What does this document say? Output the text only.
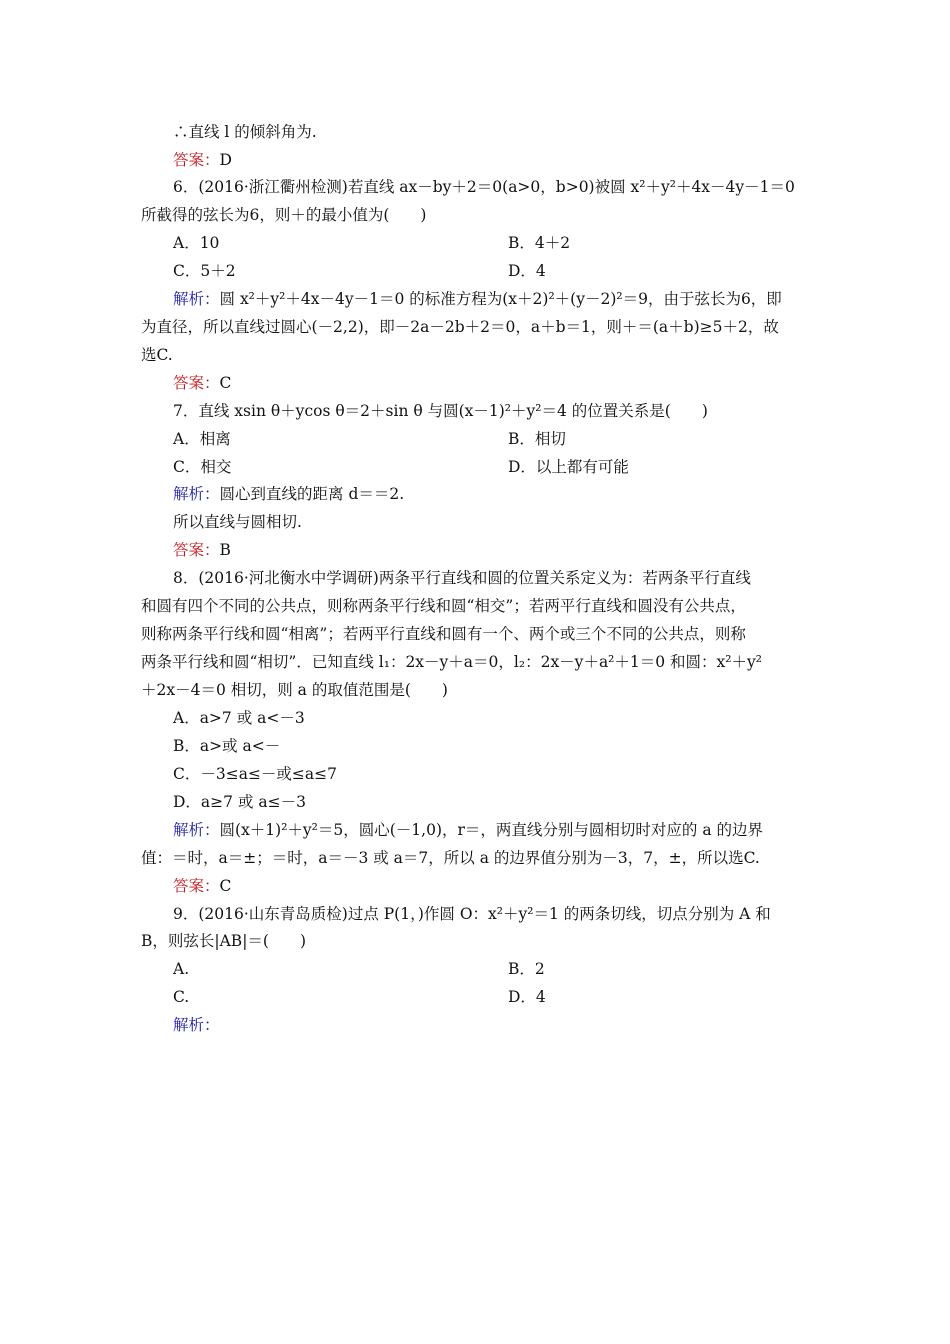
∴直线 l 的倾斜角为.
答案：D
6．(2016·浙江衢州检测)若直线 ax－by＋2＝0(a>0，b>0)被圆 x²＋y²＋4x－4y－1＝0
所截得的弦长为6，则＋的最小值为(　　)
A．10	B．4＋2
C．5＋2	D．4
解析：圆 x²＋y²＋4x－4y－1＝0 的标准方程为(x＋2)²＋(y－2)²＝9，由于弦长为6，即
为直径，所以直线过圆心(－2,2)，即－2a－2b＋2＝0，a＋b＝1，则＋＝(a＋b)≥5＋2，故
选C.
答案：C
7．直线 xsin θ＋ycos θ＝2＋sin θ 与圆(x－1)²＋y²＝4 的位置关系是(　　)
A．相离	B．相切
C．相交	D．以上都有可能
解析：圆心到直线的距离 d＝＝2.
所以直线与圆相切.
答案：B
8．(2016·河北衡水中学调研)两条平行直线和圆的位置关系定义为：若两条平行直线
和圆有四个不同的公共点，则称两条平行线和圆“相交”；若两平行直线和圆没有公共点，
则称两条平行线和圆“相离”；若两平行直线和圆有一个、两个或三个不同的公共点，则称
两条平行线和圆“相切”．已知直线 l₁：2x－y＋a＝0，l₂：2x－y＋a²＋1＝0 和圆：x²＋y²
＋2x－4＝0 相切，则 a 的取值范围是(　　)
A．a>7 或 a<－3
B．a>或 a<－
C．－3≤a≤－或≤a≤7
D．a≥7 或 a≤－3
解析：圆(x＋1)²＋y²＝5，圆心(－1,0)，r＝，两直线分别与圆相切时对应的 a 的边界
值：＝时，a＝±；＝时，a＝－3 或 a＝7，所以 a 的边界值分别为－3，7，±，所以选C.
答案：C
9．(2016·山东青岛质检)过点 P(1，)作圆 O：x²＋y²＝1 的两条切线，切点分别为 A 和
B，则弦长|AB|＝(　　)
A.	B．2
C.	D．4
解析：
